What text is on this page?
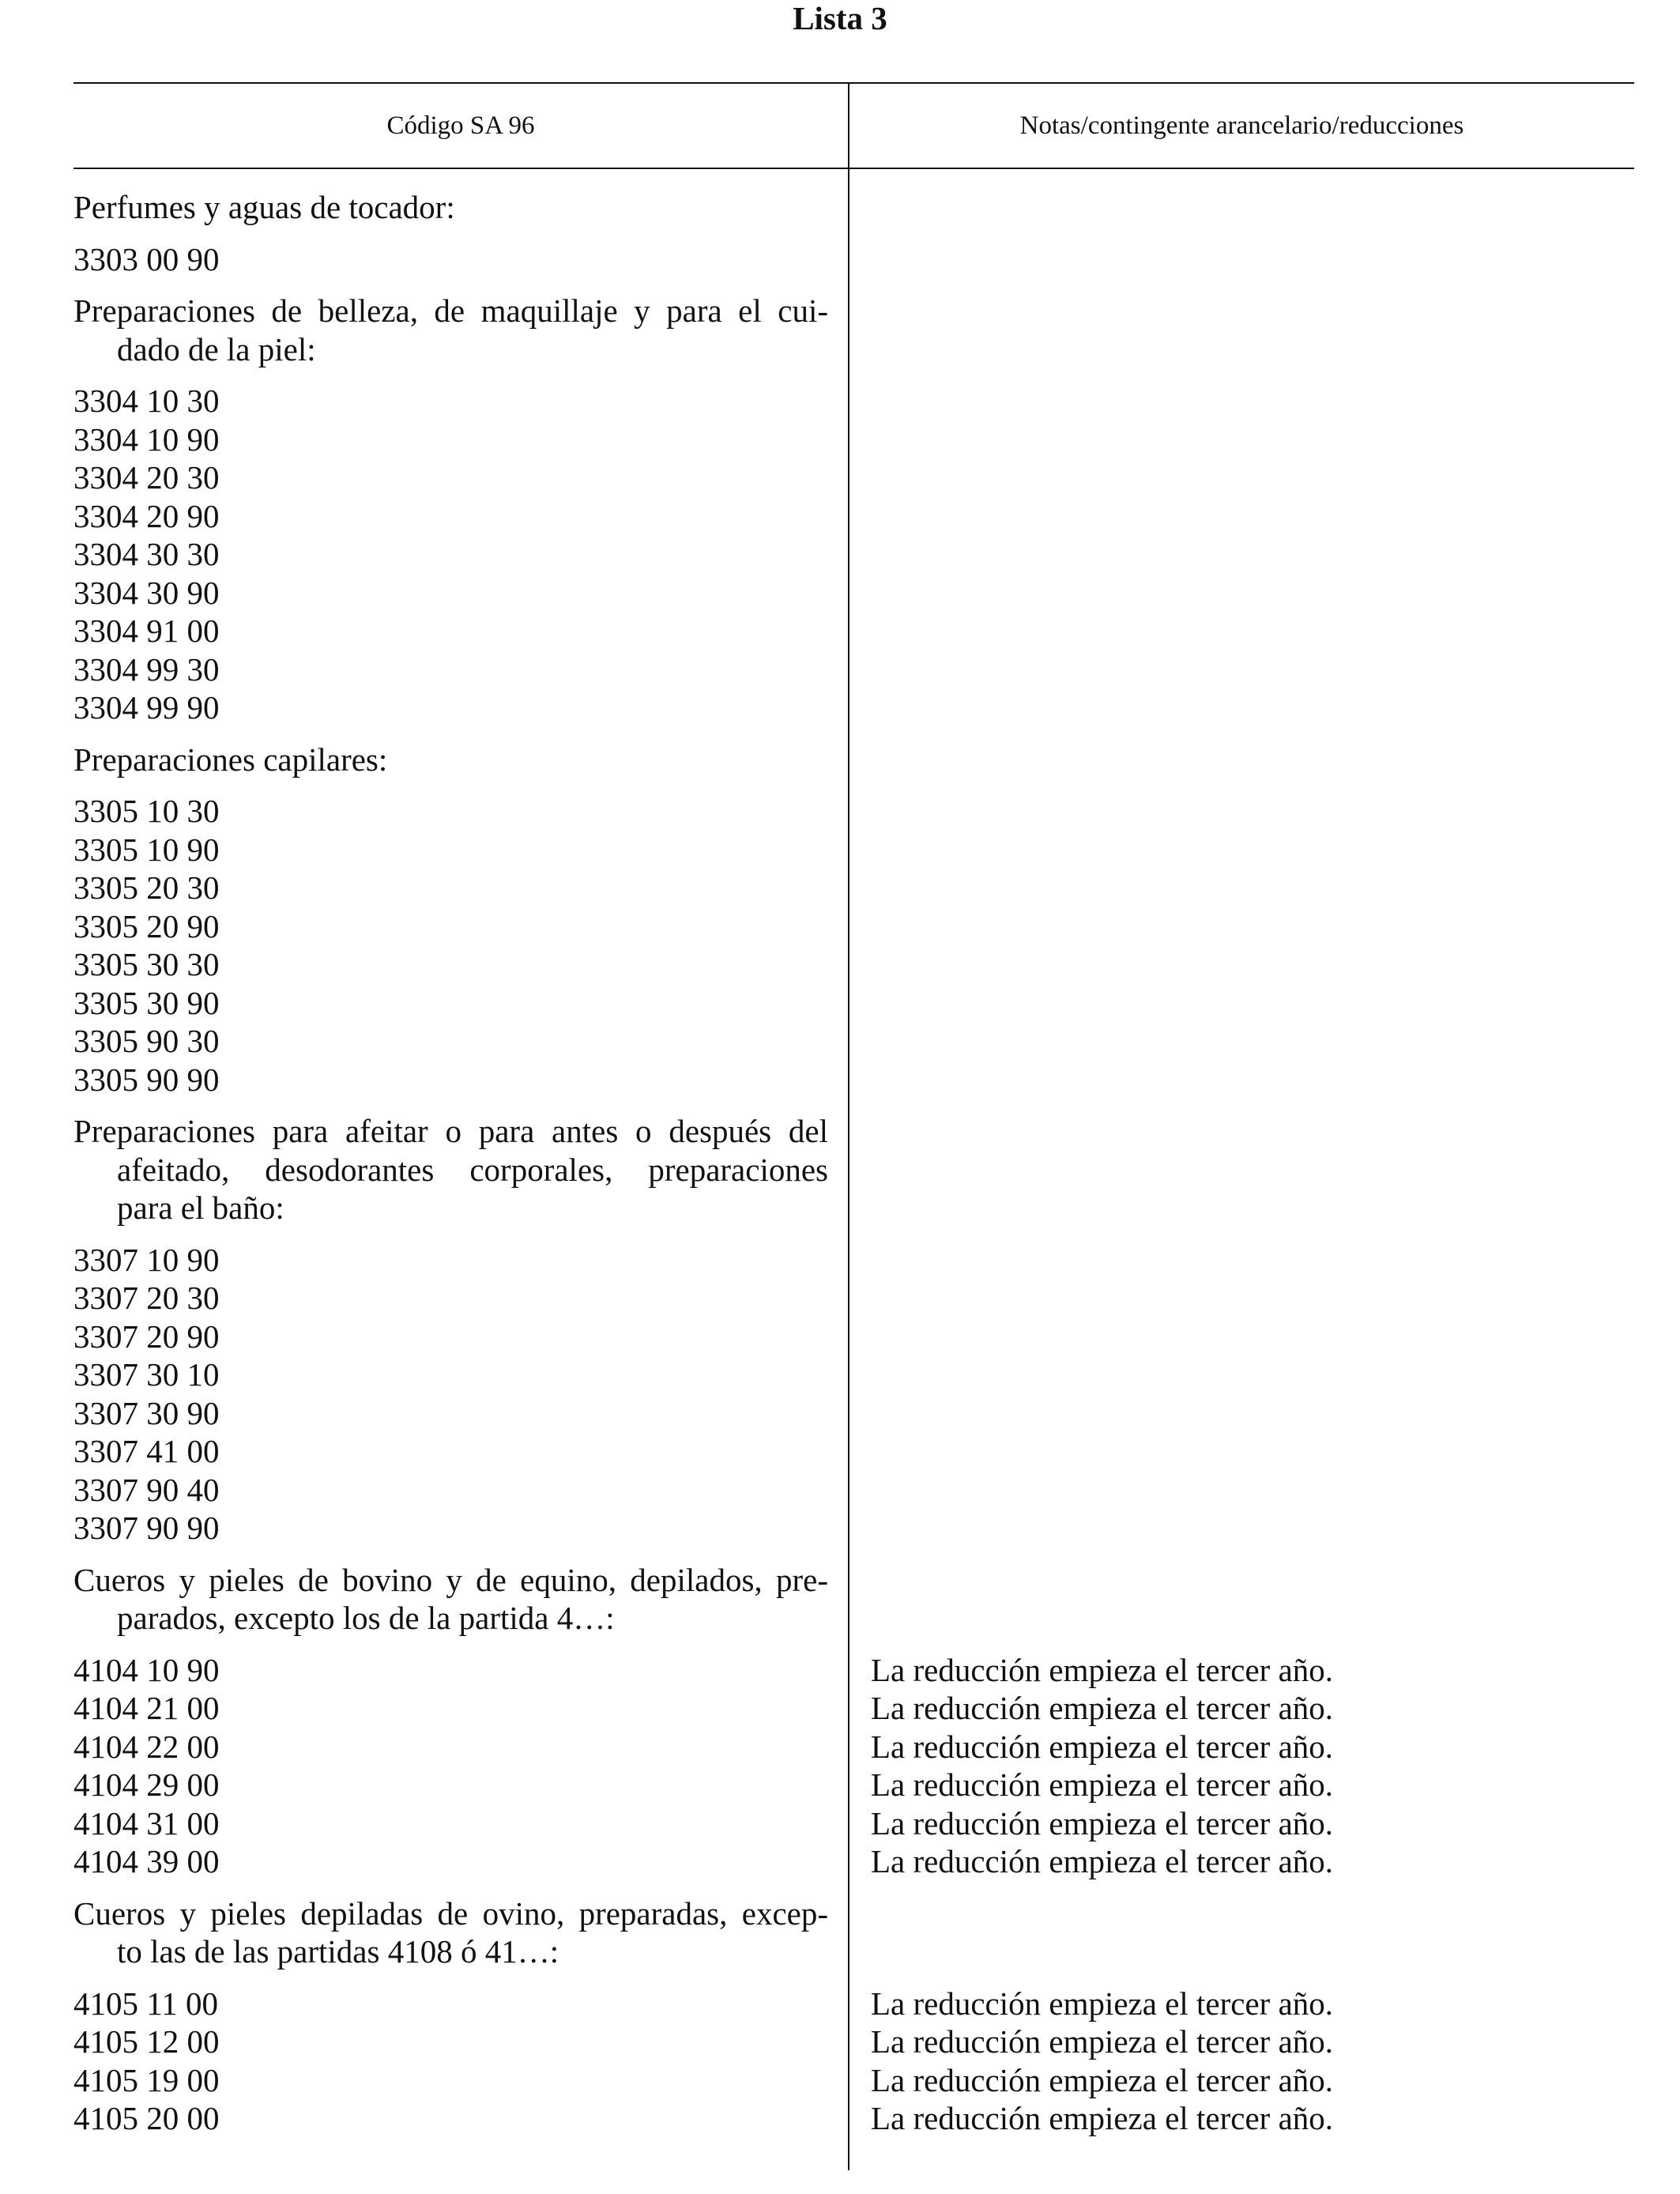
Lista 3
Código SA 96	Notas/contingente arancelario/reducciones
Perfumes y aguas de tocador:
3303 00 90
Preparaciones de belleza, de maquillaje y para el cui-
dado de la piel:
3304 10 30
3304 10 90
3304 20 30
3304 20 90
3304 30 30
3304 30 90
3304 91 00
3304 99 30
3304 99 90
Preparaciones capilares:
3305 10 30
3305 10 90
3305 20 30
3305 20 90
3305 30 30
3305 30 90
3305 90 30
3305 90 90
Preparaciones para afeitar o para antes o después del
afeitado, desodorantes corporales, preparaciones
para el baño:
3307 10 90
3307 20 30
3307 20 90
3307 30 10
3307 30 90
3307 41 00
3307 90 40
3307 90 90
Cueros y pieles de bovino y de equino, depilados, pre-
parados, excepto los de la partida 4…:
4104 10 90	La reducción empieza el tercer año.
4104 21 00	La reducción empieza el tercer año.
4104 22 00	La reducción empieza el tercer año.
4104 29 00	La reducción empieza el tercer año.
4104 31 00	La reducción empieza el tercer año.
4104 39 00	La reducción empieza el tercer año.
Cueros y pieles depiladas de ovino, preparadas, excep-
to las de las partidas 4108 ó 41…:
4105 11 00	La reducción empieza el tercer año.
4105 12 00	La reducción empieza el tercer año.
4105 19 00	La reducción empieza el tercer año.
4105 20 00	La reducción empieza el tercer año.
